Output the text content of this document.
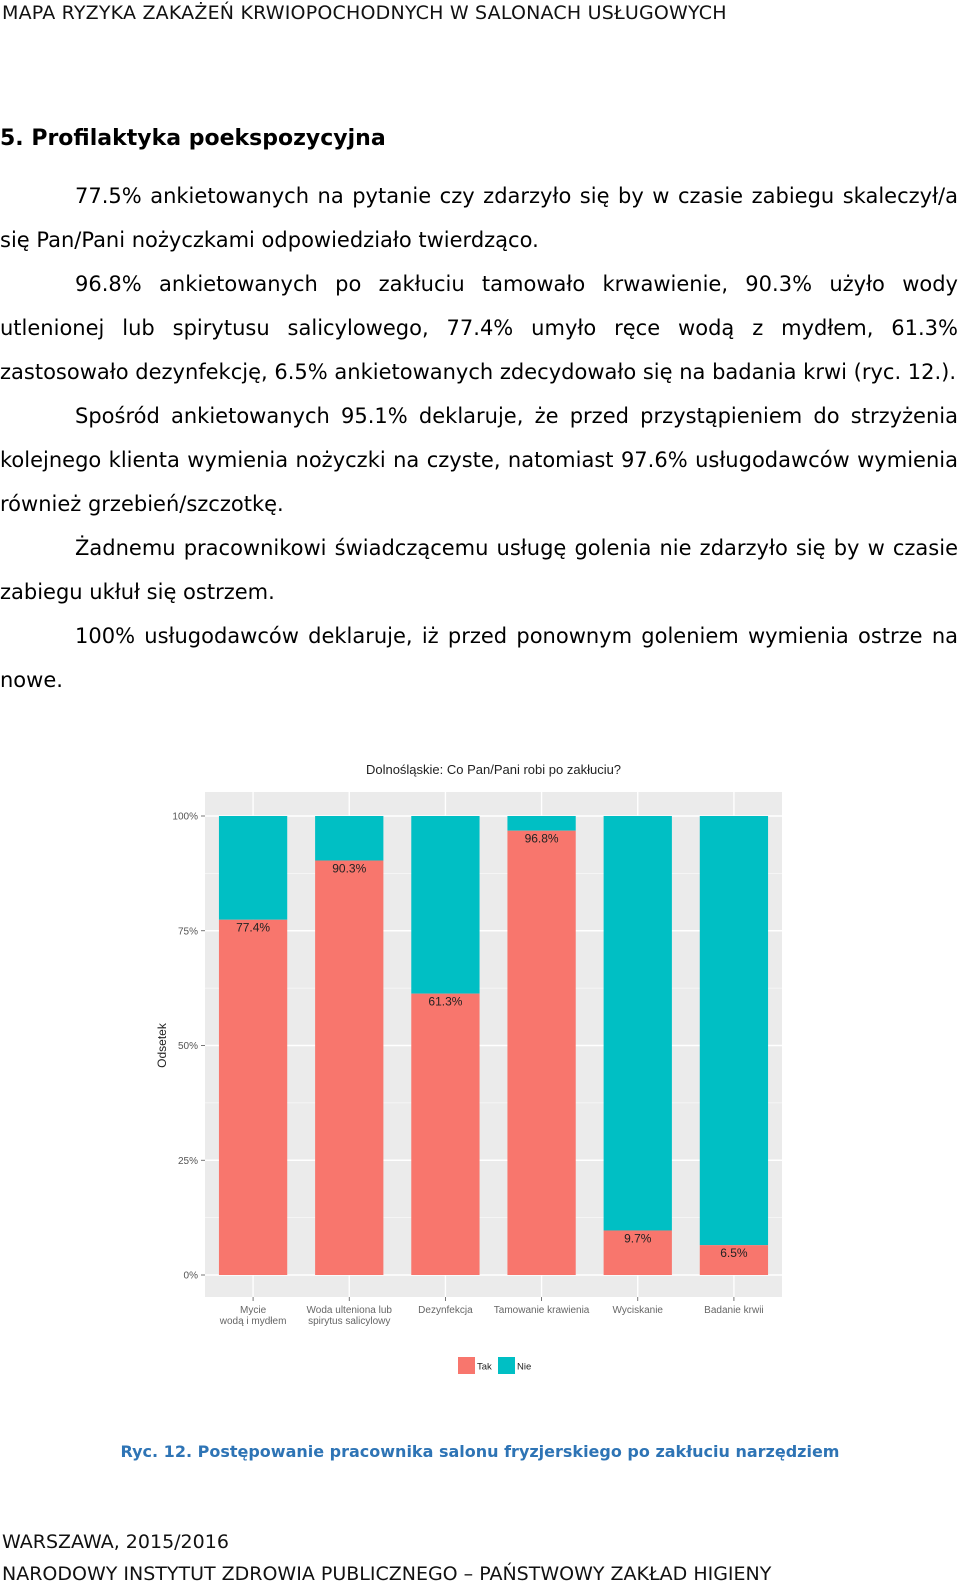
MAPA RYZYKA ZAKAŻEŃ KRWIOPOCHODNYCH W SALONACH USŁUGOWYCH
5. Profilaktyka poekspozycyjna

77.5% ankietowanych na pytanie czy zdarzyło się by w czasie zabiegu skaleczył/a się Pan/Pani nożyczkami odpowiedziało twierdząco.

96.8% ankietowanych po zakłuciu tamowało krwawienie, 90.3% użyło wody utlenionej lub spirytusu salicylowego, 77.4% umyło ręce wodą z mydłem, 61.3% zastosowało dezynfekcję, 6.5% ankietowanych zdecydowało się na badania krwi (ryc. 12.).

Spośród ankietowanych 95.1% deklaruje, że przed przystąpieniem do strzyżenia kolejnego klienta wymienia nożyczki na czyste, natomiast 97.6% usługodawców wymienia również grzebień/szczotkę.

Żadnemu pracownikowi świadczącemu usługę golenia nie zdarzyło się by w czasie zabiegu ukłuł się ostrzem.

100% usługodawców deklaruje, iż przed ponownym goleniem wymienia ostrze na nowe.

Dolnośląskie: Co Pan/Pani robi po zakłuciu?
0%
25%
50%
75%
100%
Odsetek
77.4%
Mycie
wodą i mydłem
90.3%
Woda ulteniona lub
spirytus salicylowy
61.3%
Dezynfekcja
96.8%
Tamowanie krawienia
9.7%
Wyciskanie
6.5%
Badanie krwii
Tak	Nie
Ryc. 12. Postępowanie pracownika salonu fryzjerskiego po zakłuciu narzędziem
WARSZAWA, 2015/2016
NARODOWY INSTYTUT ZDROWIA PUBLICZNEGO – PAŃSTWOWY ZAKŁAD HIGIENY
